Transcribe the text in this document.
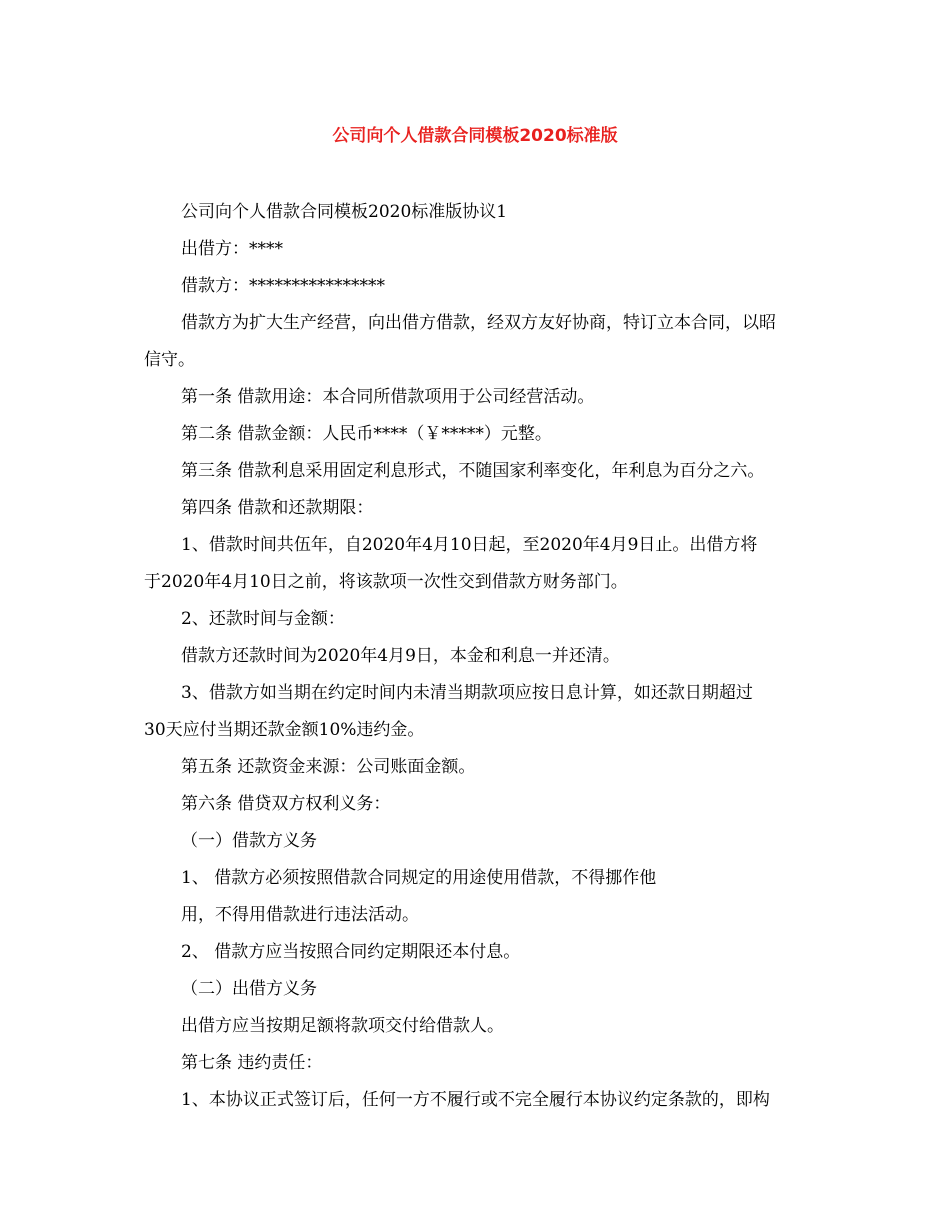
公司向个人借款合同模板2020标准版

公司向个人借款合同模板2020标准版协议1

出借方：****

借款方：****************

借款方为扩大生产经营，向出借方借款，经双方友好协商，特订立本合同，以昭

信守。

第一条 借款用途：本合同所借款项用于公司经营活动。

第二条 借款金额：人民币****（￥*****）元整。

第三条 借款利息采用固定利息形式，不随国家利率变化，年利息为百分之六。

第四条 借款和还款期限：

1、借款时间共伍年，自2020年4月10日起，至2020年4月9日止。出借方将

于2020年4月10日之前，将该款项一次性交到借款方财务部门。

2、还款时间与金额：

借款方还款时间为2020年4月9日，本金和利息一并还清。

3、借款方如当期在约定时间内未清当期款项应按日息计算，如还款日期超过

30天应付当期还款金额10%违约金。

第五条 还款资金来源：公司账面金额。

第六条 借贷双方权利义务：

（一）借款方义务

1、 借款方必须按照借款合同规定的用途使用借款，不得挪作他

用，不得用借款进行违法活动。

2、 借款方应当按照合同约定期限还本付息。

（二）出借方义务

出借方应当按期足额将款项交付给借款人。

第七条 违约责任：

1、本协议正式签订后，任何一方不履行或不完全履行本协议约定条款的，即构
